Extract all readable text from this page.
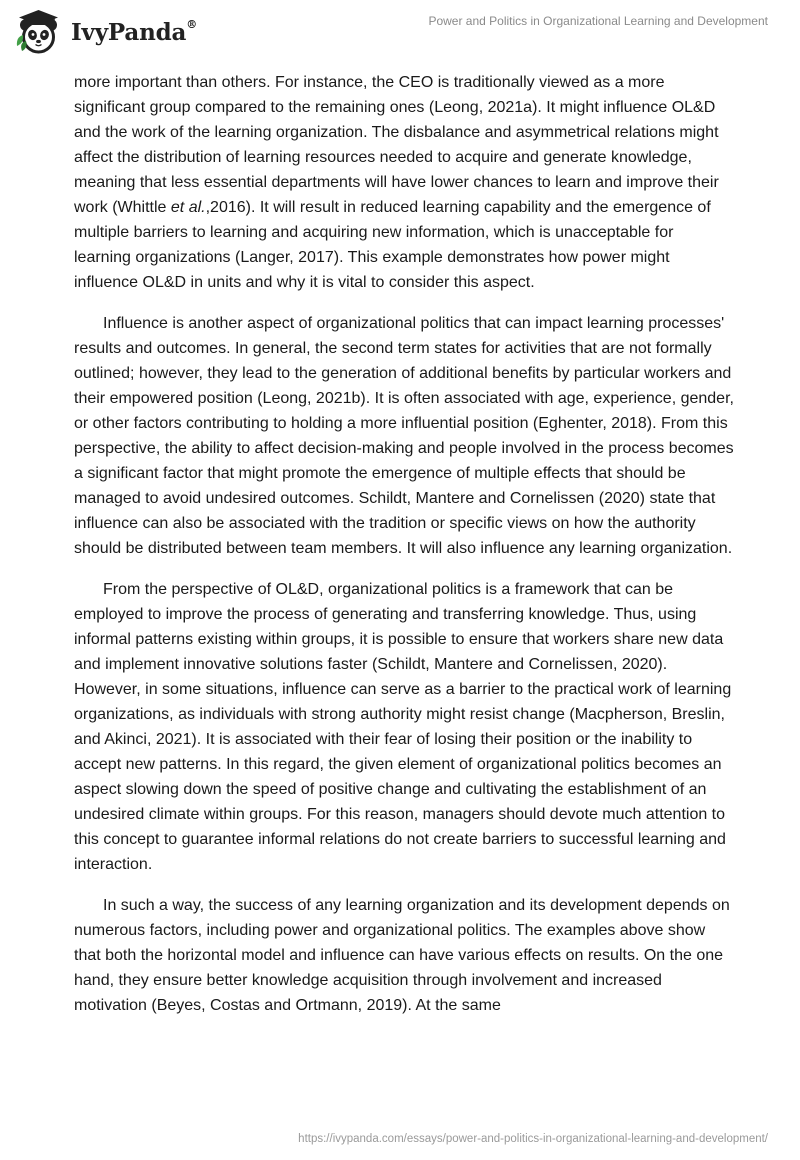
IvyPanda®	Power and Politics in Organizational Learning and Development

more important than others. For instance, the CEO is traditionally viewed as a more significant group compared to the remaining ones (Leong, 2021a). It might influence OL&D and the work of the learning organization. The disbalance and asymmetrical relations might affect the distribution of learning resources needed to acquire and generate knowledge, meaning that less essential departments will have lower chances to learn and improve their work (Whittle et al.,2016). It will result in reduced learning capability and the emergence of multiple barriers to learning and acquiring new information, which is unacceptable for learning organizations (Langer, 2017). This example demonstrates how power might influence OL&D in units and why it is vital to consider this aspect.

Influence is another aspect of organizational politics that can impact learning processes' results and outcomes. In general, the second term states for activities that are not formally outlined; however, they lead to the generation of additional benefits by particular workers and their empowered position (Leong, 2021b). It is often associated with age, experience, gender, or other factors contributing to holding a more influential position (Eghenter, 2018). From this perspective, the ability to affect decision-making and people involved in the process becomes a significant factor that might promote the emergence of multiple effects that should be managed to avoid undesired outcomes. Schildt, Mantere and Cornelissen (2020) state that influence can also be associated with the tradition or specific views on how the authority should be distributed between team members. It will also influence any learning organization.

From the perspective of OL&D, organizational politics is a framework that can be employed to improve the process of generating and transferring knowledge. Thus, using informal patterns existing within groups, it is possible to ensure that workers share new data and implement innovative solutions faster (Schildt, Mantere and Cornelissen, 2020). However, in some situations, influence can serve as a barrier to the practical work of learning organizations, as individuals with strong authority might resist change (Macpherson, Breslin, and Akinci, 2021). It is associated with their fear of losing their position or the inability to accept new patterns. In this regard, the given element of organizational politics becomes an aspect slowing down the speed of positive change and cultivating the establishment of an undesired climate within groups. For this reason, managers should devote much attention to this concept to guarantee informal relations do not create barriers to successful learning and interaction.

In such a way, the success of any learning organization and its development depends on numerous factors, including power and organizational politics. The examples above show that both the horizontal model and influence can have various effects on results. On the one hand, they ensure better knowledge acquisition through involvement and increased motivation (Beyes, Costas and Ortmann, 2019). At the same

https://ivypanda.com/essays/power-and-politics-in-organizational-learning-and-development/
